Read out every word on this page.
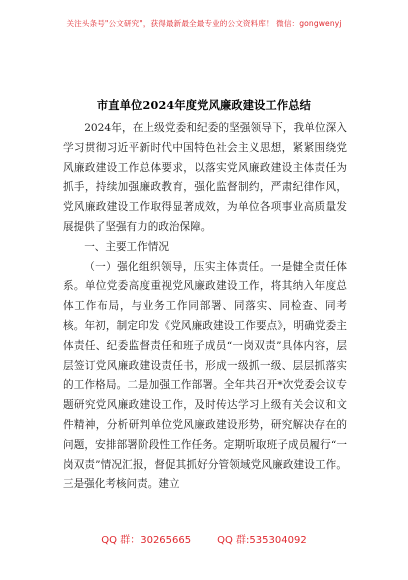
关注头条号"公文研究"，获得最新最全最专业的公文资料库！ 微信：gongwenyj
市直单位2024年度党风廉政建设工作总结

2024年，在上级党委和纪委的坚强领导下，我单位深入学习贯彻习近平新时代中国特色社会主义思想，紧紧围绕党风廉政建设工作总体要求，以落实党风廉政建设主体责任为抓手，持续加强廉政教育，强化监督制约，严肃纪律作风，党风廉政建设工作取得显著成效，为单位各项事业高质量发展提供了坚强有力的政治保障。

一、主要工作情况

（一）强化组织领导，压实主体责任。一是健全责任体系。单位党委高度重视党风廉政建设工作，将其纳入年度总体工作布局，与业务工作同部署、同落实、同检查、同考核。年初，制定印发《党风廉政建设工作要点》，明确党委主体责任、纪委监督责任和班子成员“一岗双责”具体内容，层层签订党风廉政建设责任书，形成一级抓一级、层层抓落实的工作格局。二是加强工作部署。全年共召开*次党委会议专题研究党风廉政建设工作，及时传达学习上级有关会议和文件精神，分析研判单位党风廉政建设形势，研究解决存在的问题，安排部署阶段性工作任务。定期听取班子成员履行“一岗双责”情况汇报，督促其抓好分管领域党风廉政建设工作。三是强化考核问责。建立

QQ 群：30265665	QQ 群:535304092
